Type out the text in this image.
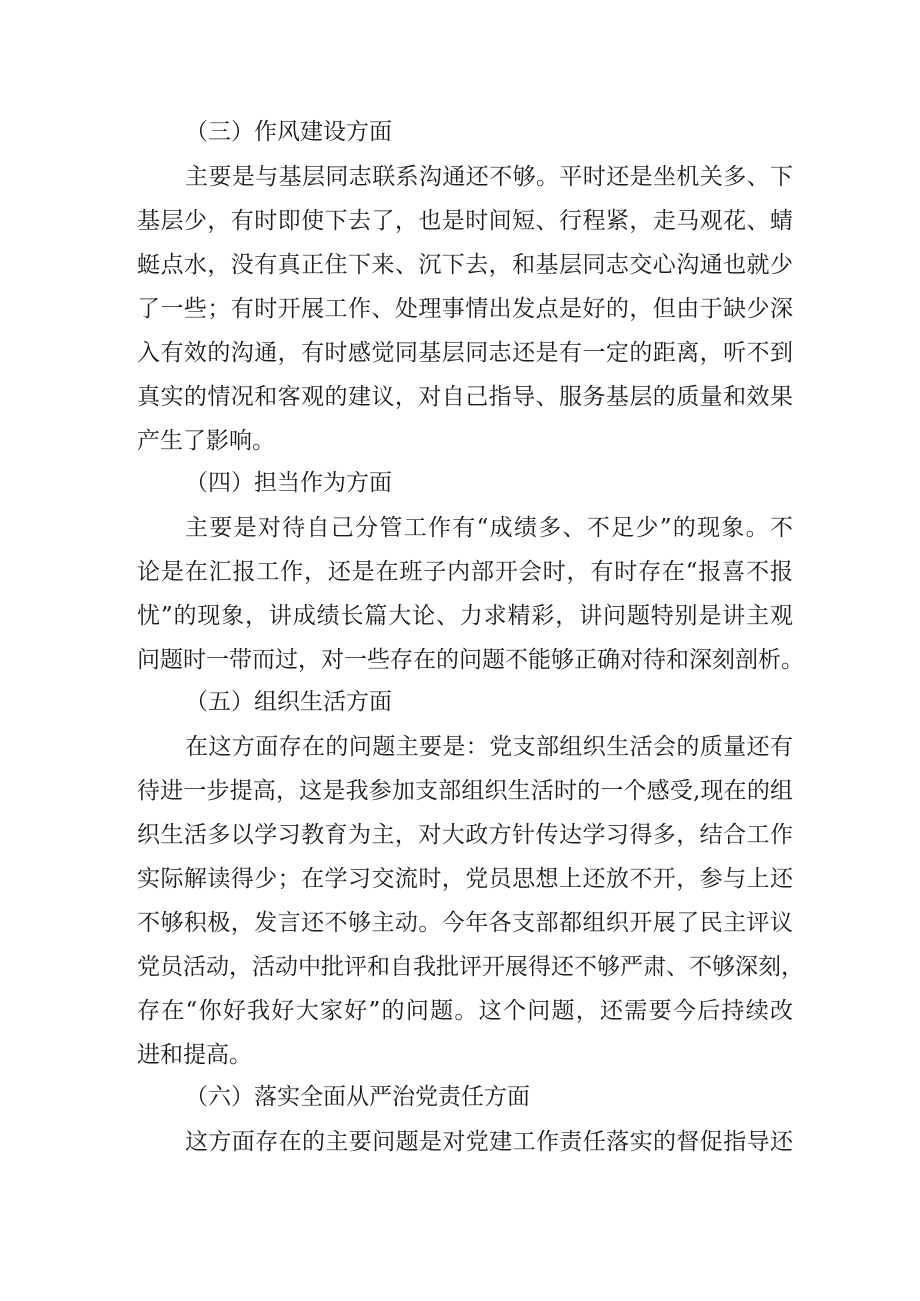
（三）作风建设方面
主要是与基层同志联系沟通还不够。平时还是坐机关多、下
基层少，有时即使下去了，也是时间短、行程紧，走马观花、蜻
蜓点水，没有真正住下来、沉下去，和基层同志交心沟通也就少
了一些；有时开展工作、处理事情出发点是好的，但由于缺少深
入有效的沟通，有时感觉同基层同志还是有一定的距离，听不到
真实的情况和客观的建议，对自己指导、服务基层的质量和效果
产生了影响。
（四）担当作为方面
主要是对待自己分管工作有“成绩多、不足少”的现象。不
论是在汇报工作，还是在班子内部开会时，有时存在“报喜不报
忧”的现象，讲成绩长篇大论、力求精彩，讲问题特别是讲主观
问题时一带而过，对一些存在的问题不能够正确对待和深刻剖析。
（五）组织生活方面
在这方面存在的问题主要是：党支部组织生活会的质量还有
待进一步提高，这是我参加支部组织生活时的一个感受,现在的组
织生活多以学习教育为主，对大政方针传达学习得多，结合工作
实际解读得少；在学习交流时，党员思想上还放不开，参与上还
不够积极，发言还不够主动。今年各支部都组织开展了民主评议
党员活动，活动中批评和自我批评开展得还不够严肃、不够深刻，
存在“你好我好大家好”的问题。这个问题，还需要今后持续改
进和提高。
（六）落实全面从严治党责任方面
这方面存在的主要问题是对党建工作责任落实的督促指导还
